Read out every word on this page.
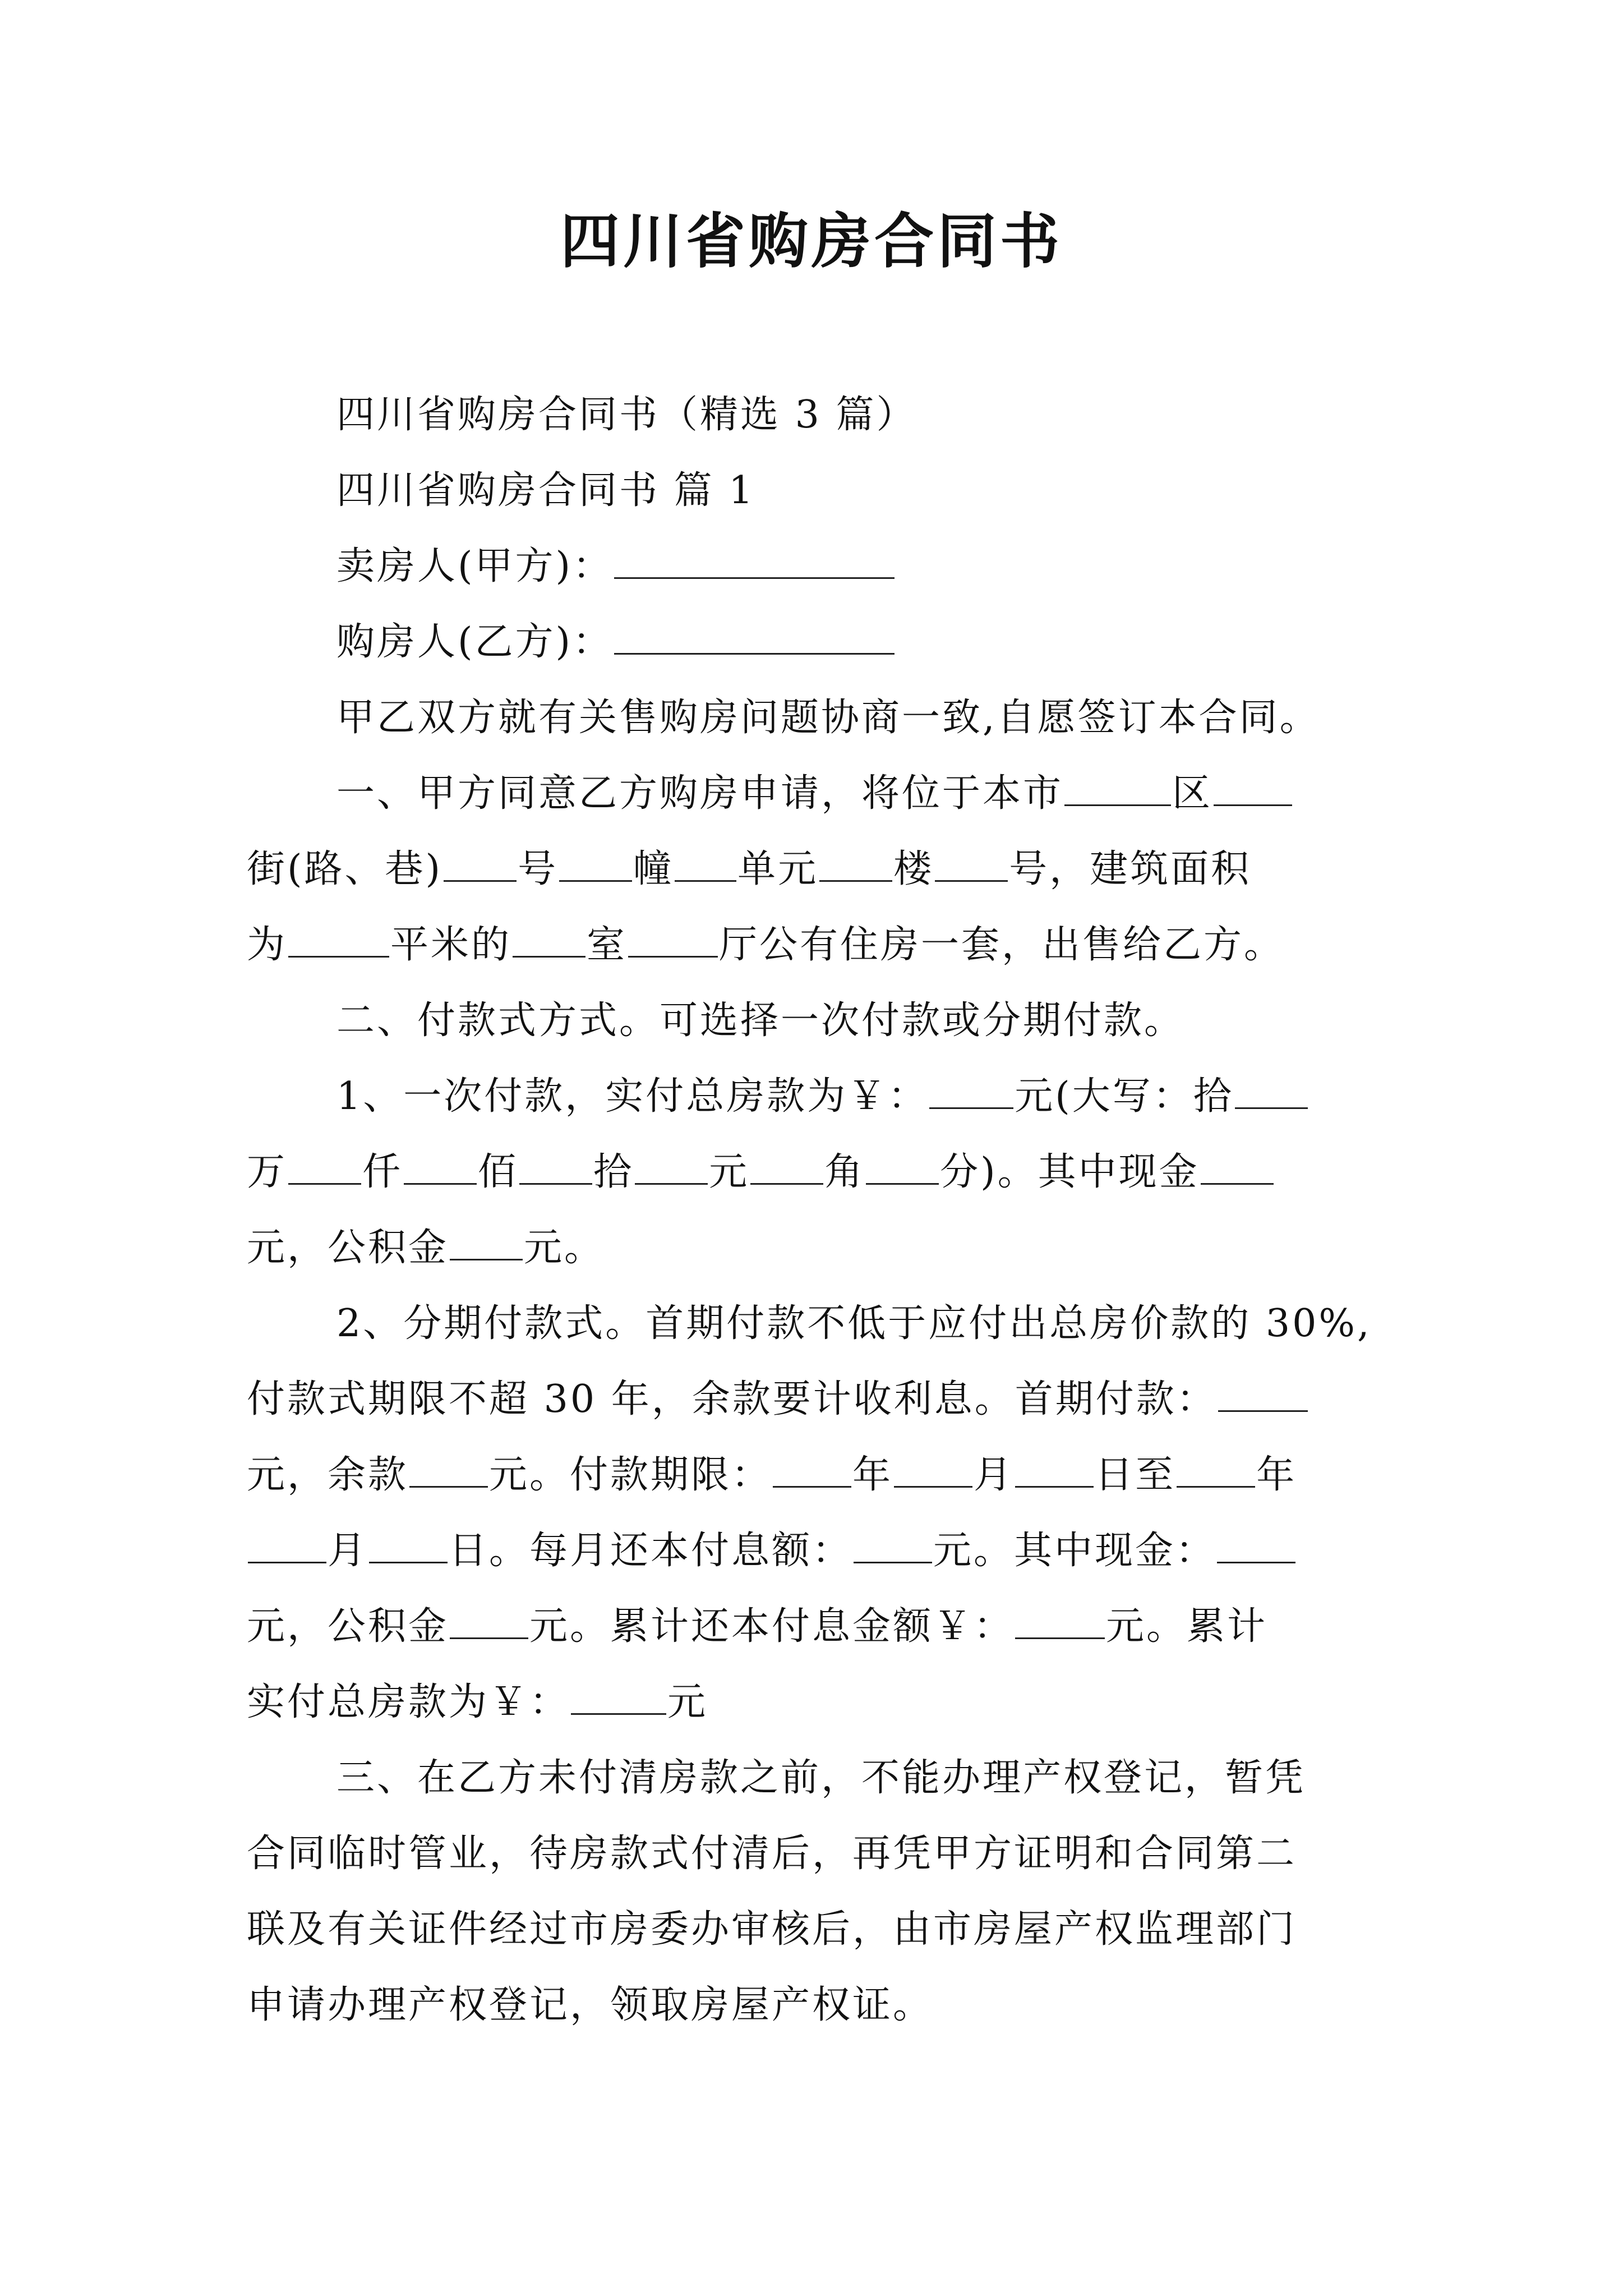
四川省购房合同书
四川省购房合同书（精选 3 篇）
四川省购房合同书 篇 1
卖房人(甲方)：
购房人(乙方)：
甲乙双方就有关售购房问题协商一致,自愿签订本合同。
一、甲方同意乙方购房申请，将位于本市	区
街(路、巷) 号 幢 单元 楼 号，建筑面积
为	平米的 室 厅公有住房一套，出售给乙方。
二、付款式方式。可选择一次付款或分期付款。
1、一次付款，实付总房款为￥： 元(大写：拾
万 仟 佰 拾 元 角 分)。其中现金
元，公积金 元。
2、分期付款式。首期付款不低于应付出总房价款的 30%,
付款式期限不超 30 年，余款要计收利息。首期付款：
元，余款 元。付款期限： 年 月 日至 年
月 日。每月还本付息额： 元。其中现金：
元，公积金 元。累计还本付息金额￥： 元。累计
实付总房款为￥：	元
三、在乙方未付清房款之前，不能办理产权登记，暂凭
合同临时管业，待房款式付清后，再凭甲方证明和合同第二
联及有关证件经过市房委办审核后，由市房屋产权监理部门
申请办理产权登记，领取房屋产权证。
